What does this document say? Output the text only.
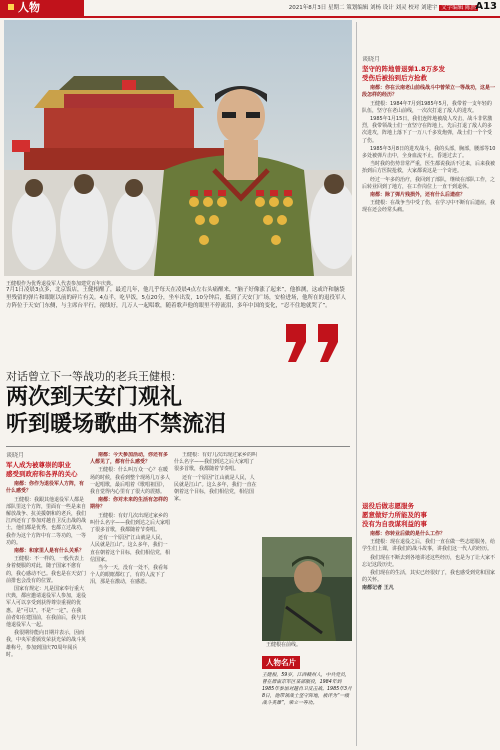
人物	2021年8月3日 星期二 策划编辑 刘杨 设计 刘灵 校对 刘建宇 文字编辑 陈然 A13
王健根作为优秀退役军人代表参加建党百年庆典。
7月1日凌晨3点多，北京饭店，王健根醒了，最近几年，他几乎每天在凌晨4点左右头痛醒来，“脑子好像涨了起来”，他推测，这或许和脑袋里残留的弹片和眼眶以前的碎片有关。4点半，吃早饭，5点20分，坐车出发，10分钟后，抵到了天安门广场，安检进场，他所在的退役军人方阵位于天安门东侧，与主席台平行，视线好，几万人一起唱歌，随着歌声他的眼里不停流泪，多年中国的变化，“忍不住地就哭了”。
对话曾立下一等战功的老兵王健根：
两次到天安门观礼
听到暖场歌曲不禁流泪
谈晓月
军人成为被尊崇的职业
感受到政府和各界的关心

南都：你作为退役军人方阵，有什么感受？

王健根：我跟其他退役军人都是部队里这个方阵，里面有一些是来自解放战争、抗美援朝和的老兵，我们江西还有了参加对越自卫反击战的战士，他们都是优秀，也都立过战功，我作为这个方阵中有二等功的，一等功的。

南都：和家里人是有什么关系？

王健根：不一样的，一般代表上身着便服的对此，随子国家不愈有的，我心感动不已。我也是在天安门前排也会没有的位置。

国家有规定：凡是国家奉行重大庆典，都应邀请退役军人参加，退役军人可以享受到获得尊崇重视的优惠。是“可以”，不是“一定”。在我前者如在建国前，在我前后，我与其他退役军人一起。

我很期待能向日期并表示，因而我，中央军委颁发荣获光荣的战斗英雄称号，参加到国庆70周年阅兵时。

南都：今天参加活动，你还有多人都见了，都有什么感受？

王健根：什么叫万众一心？在暖场的时候，我看到整个现场几万多人一起唱歌，最后唱着《歌唱祖国》，我自觉得内心里有了很大的震撼。

南都：你对未来的生活有怎样的期待？

王健根：有好几次出现过家乡的叫什么名字——我们到达之后大家唱了很多首歌，我都随着节奏唱。

还有一个原因“江山就是人民，人民就是江山”。这么多年，我们一直在朝着这个目标，我们相信党，相信国家。

当今一天，没有一处不，我看每个人的眼眶都红了，有的人流下了泪，那是在激动，在感恩。

王健根：有好几次出现过家乡的叫什么名字——我们到达之后大家唱了很多首歌，我都随着节奏唱。

还有一个原因“江山就是人民，人民就是江山”。这么多年，我们一直在朝着这个目标，我们相信党，相信国家。

王健根在前线。
人物名片
王健根，59岁，江西赣州人，中共党员，曾在原南京军区某部服役，1984年到1985年参加对越自卫反击战。1985年3月8日，他带领战士坚守阵地，被评为“一级战斗英雄”，荣立一等功。
谈晓月
坚守的阵地曾退弹1.8万多发
受伤后被抬到后方抢救

南都：你在云南老山前线战斗中曾荣立一等战功，这是一段怎样的经历？

王健根：1984年7月到1985年5月，我带着一支年轻的队伍，坚守在老山前线，一次次打退了敌人的进攻。

1985年1月15日，我们连阵地被敌人攻击，战斗非常激烈，我带领战士们一直坚守在阵地上，先后打退了敌人的多次进攻，阵地上落下了一万八千多发炮弹，战士们一个个受了伤。

1985年3月8日的进攻战斗，我的头部，胸部，腰部等10多处被弹片击中，全身血流不止，昏迷过去了。

当时我的伤势非常严重，医生都说我活不过来，后来我被抬到后方医院抢救，大家都说这是一个奇迹。

经过一年多的治疗，我回到了部队，继续在部队工作，之后转业回到了地方，在工作岗位上一直干到退休。

南都：除了弹片残损外，还有什么后遗症？

王健根：在战争当中受了伤，在学习中不断有后遗症，我现在还会经常头痛。

退役后做志愿服务
愿意做好力所能及的事
没有为自我谋利益的事

南都：你转业后做的是什么工作？

王健根：现在退役之后，我们一直在做一些志愿服务，给学生们上课，讲我们的战斗故事，讲我们这一代人的经历。

我们现在不断去到各地讲述这些经历，也是为了让大家不忘记这段历史。

我们现在的生活，其实已经很好了，我也感受到党和国家的关怀。

南都记者 王凡
